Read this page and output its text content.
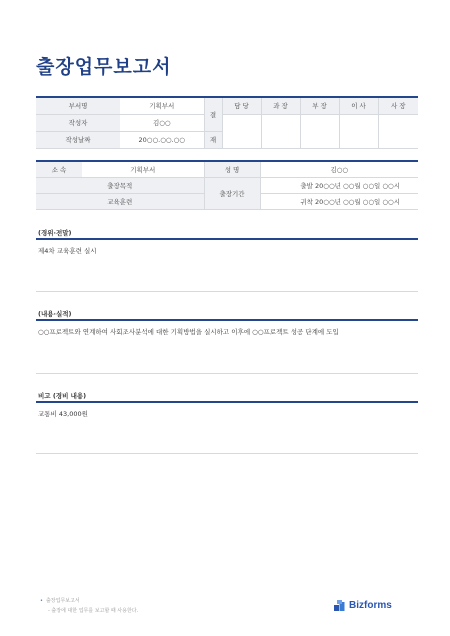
출장업무보고서
부서명	기획부서	결	담 당	과 장	부 장	이 사	사 장
작성자	김○○						
작성날짜	20○○.○○.○○	재					
소 속	기획부서	성 명	김○○
출장목적		출장기간	출발 20○○년 ○○월 ○○일 ○○시
교육훈련			귀착 20○○년 ○○월 ○○일 ○○시
(경위·전말)
제4차 교육훈련 실시
(내용·실적)
○○프로젝트와 연계하여 사회조사분석에 대한 기획방법을 실시하고 이후에 ○○프로젝트 성공 단계에 도입
비고 (경비 내용)
교통비 43,000원
• 출장업무보고서
- 출장에 대한 업무를 보고할 때 사용한다.	Bizforms
